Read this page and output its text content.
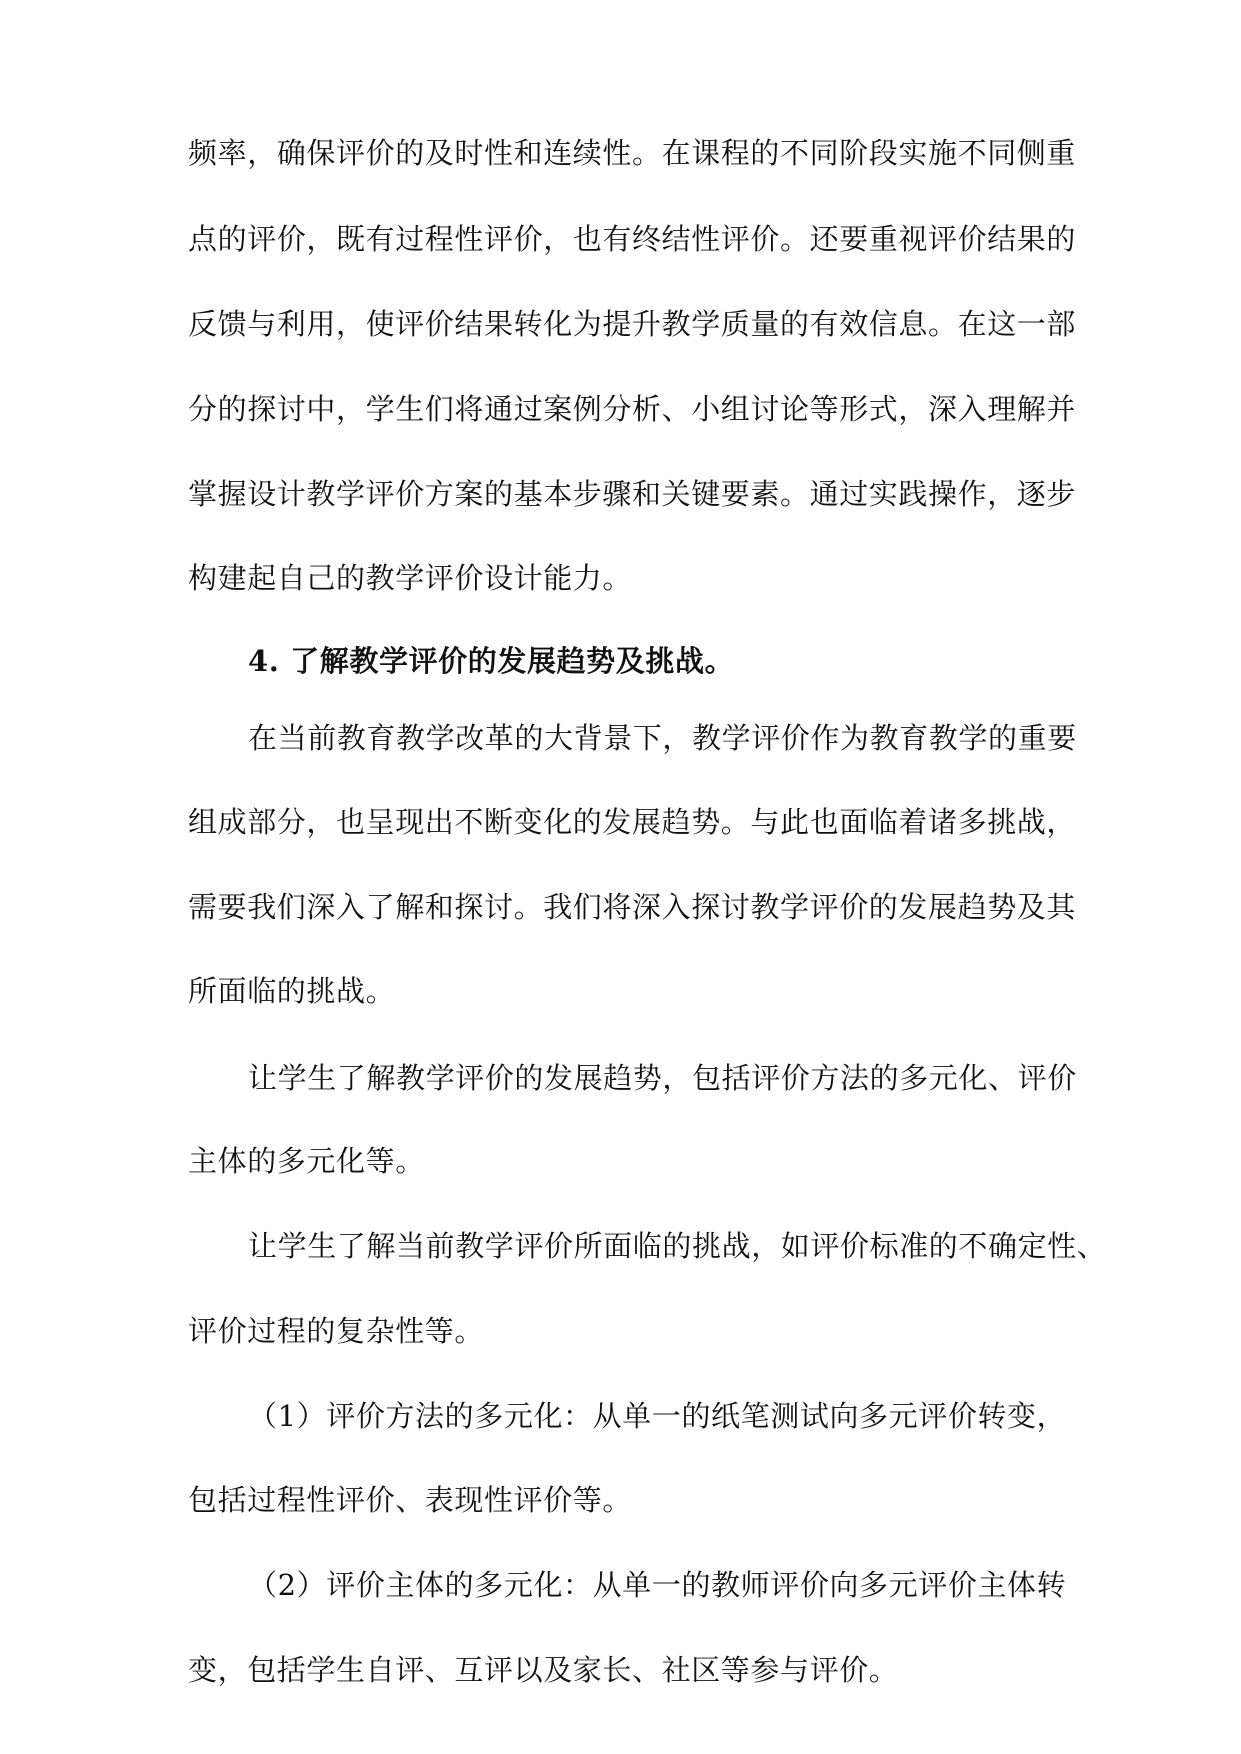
频率，确保评价的及时性和连续性。在课程的不同阶段实施不同侧重
点的评价，既有过程性评价，也有终结性评价。还要重视评价结果的
反馈与利用，使评价结果转化为提升教学质量的有效信息。在这一部
分的探讨中，学生们将通过案例分析、小组讨论等形式，深入理解并
掌握设计教学评价方案的基本步骤和关键要素。通过实践操作，逐步
构建起自己的教学评价设计能力。
4. 了解教学评价的发展趋势及挑战。
在当前教育教学改革的大背景下，教学评价作为教育教学的重要
组成部分，也呈现出不断变化的发展趋势。与此也面临着诸多挑战，
需要我们深入了解和探讨。我们将深入探讨教学评价的发展趋势及其
所面临的挑战。
让学生了解教学评价的发展趋势，包括评价方法的多元化、评价
主体的多元化等。
让学生了解当前教学评价所面临的挑战，如评价标准的不确定性、
评价过程的复杂性等。
（1）评价方法的多元化：从单一的纸笔测试向多元评价转变，
包括过程性评价、表现性评价等。
（2）评价主体的多元化：从单一的教师评价向多元评价主体转
变，包括学生自评、互评以及家长、社区等参与评价。
